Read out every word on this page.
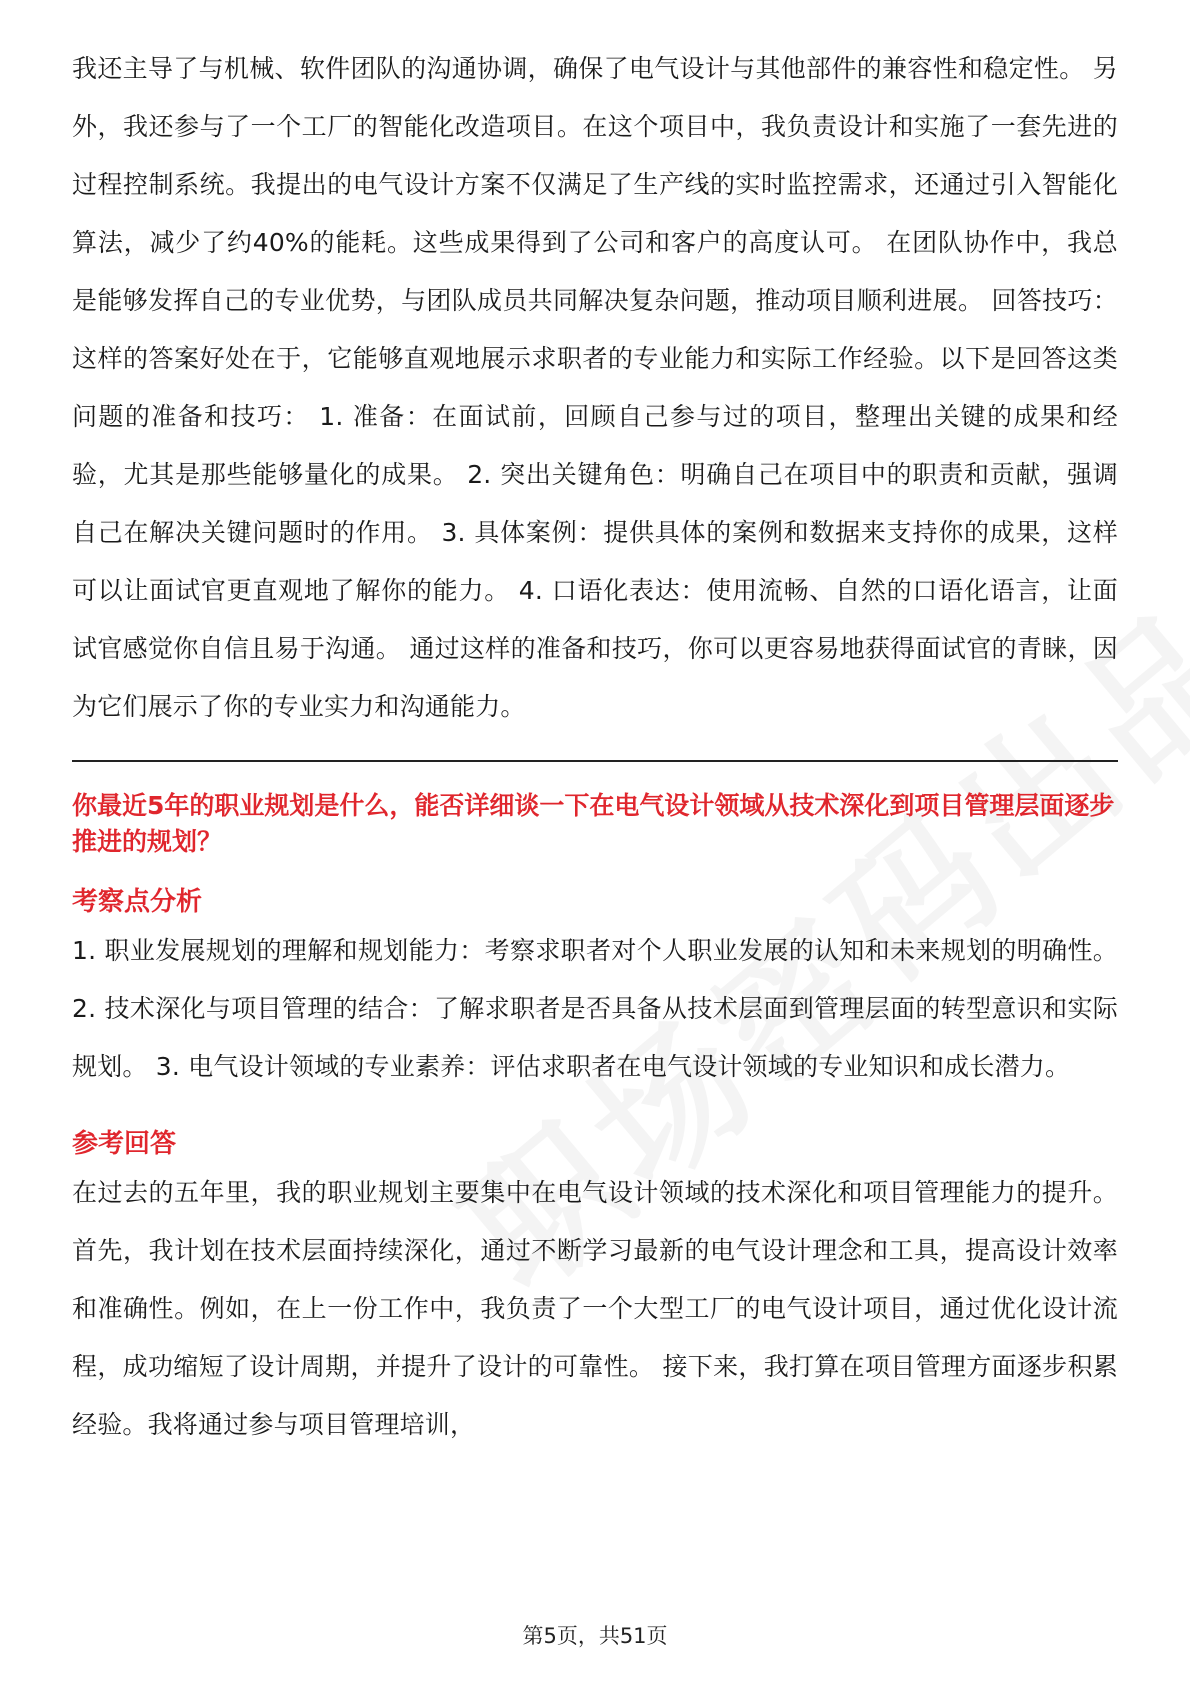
我还主导了与机械、软件团队的沟通协调，确保了电气设计与其他部件的兼容性和稳定性。 另外，我还参与了一个工厂的智能化改造项目。在这个项目中，我负责设计和实施了一套先进的过程控制系统。我提出的电气设计方案不仅满足了生产线的实时监控需求，还通过引入智能化算法，减少了约40%的能耗。这些成果得到了公司和客户的高度认可。 在团队协作中，我总是能够发挥自己的专业优势，与团队成员共同解决复杂问题，推动项目顺利进展。 回答技巧： 这样的答案好处在于，它能够直观地展示求职者的专业能力和实际工作经验。以下是回答这类问题的准备和技巧： 1. 准备：在面试前，回顾自己参与过的项目，整理出关键的成果和经验，尤其是那些能够量化的成果。 2. 突出关键角色：明确自己在项目中的职责和贡献，强调自己在解决关键问题时的作用。 3. 具体案例：提供具体的案例和数据来支持你的成果，这样可以让面试官更直观地了解你的能力。 4. 口语化表达：使用流畅、自然的口语化语言，让面试官感觉你自信且易于沟通。 通过这样的准备和技巧，你可以更容易地获得面试官的青睐，因为它们展示了你的专业实力和沟通能力。

你最近5年的职业规划是什么，能否详细谈一下在电气设计领域从技术深化到项目管理层面逐步推进的规划？
考察点分析

1. 职业发展规划的理解和规划能力：考察求职者对个人职业发展的认知和未来规划的明确性。 2. 技术深化与项目管理的结合：了解求职者是否具备从技术层面到管理层面的转型意识和实际规划。 3. 电气设计领域的专业素养：评估求职者在电气设计领域的专业知识和成长潜力。

参考回答

在过去的五年里，我的职业规划主要集中在电气设计领域的技术深化和项目管理能力的提升。首先，我计划在技术层面持续深化，通过不断学习最新的电气设计理念和工具，提高设计效率和准确性。例如，在上一份工作中，我负责了一个大型工厂的电气设计项目，通过优化设计流程，成功缩短了设计周期，并提升了设计的可靠性。 接下来，我打算在项目管理方面逐步积累经验。我将通过参与项目管理培训，

第5页，共51页
